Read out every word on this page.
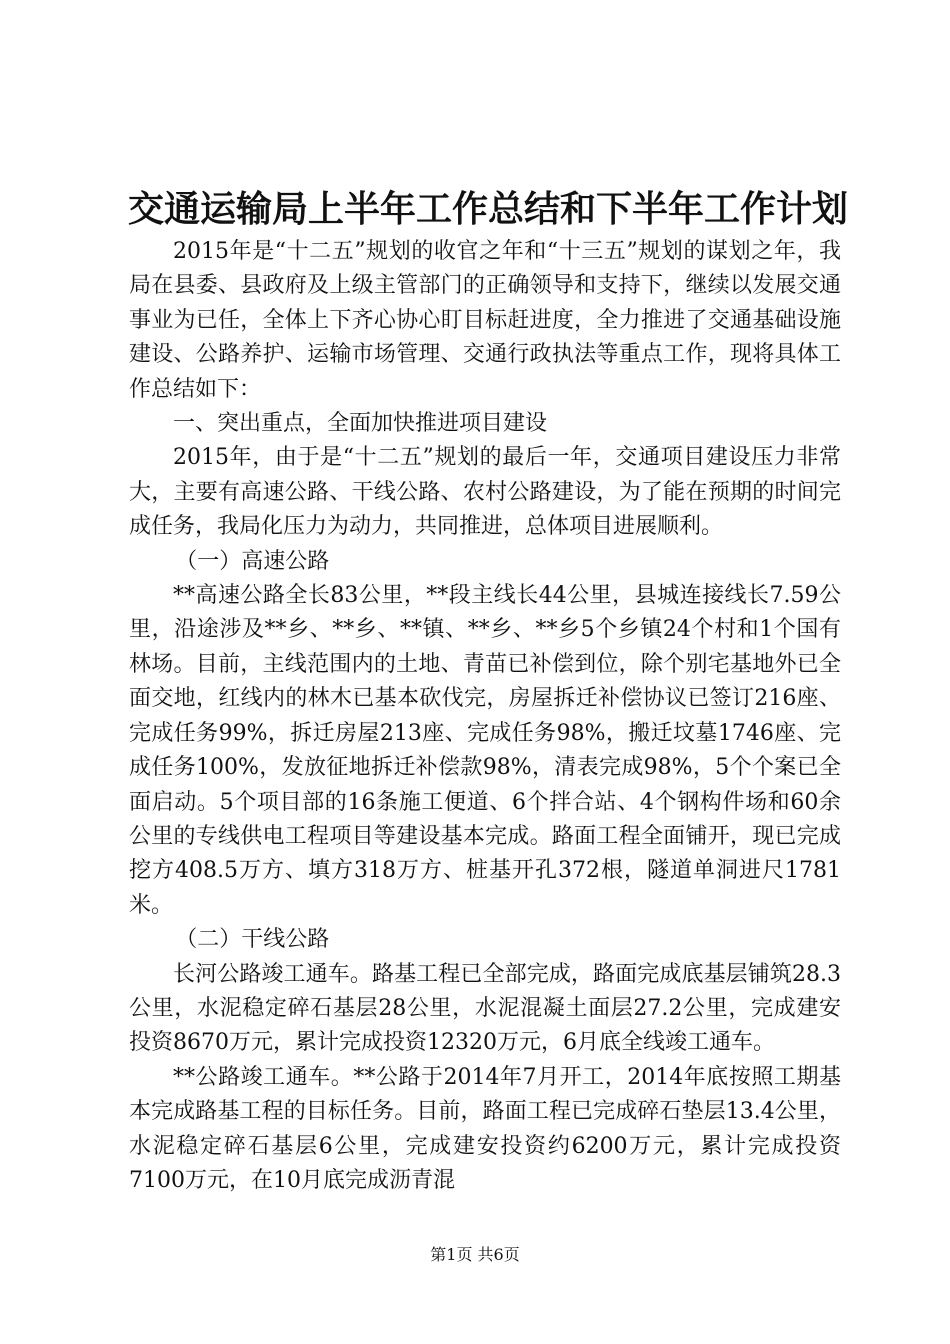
交通运输局上半年工作总结和下半年工作计划

2015年是“十二五”规划的收官之年和“十三五”规划的谋划之年，我局在县委、县政府及上级主管部门的正确领导和支持下，继续以发展交通事业为已任，全体上下齐心协心盯目标赶进度，全力推进了交通基础设施建设、公路养护、运输市场管理、交通行政执法等重点工作，现将具体工作总结如下：

一、突出重点，全面加快推进项目建设

2015年，由于是“十二五”规划的最后一年，交通项目建设压力非常大，主要有高速公路、干线公路、农村公路建设，为了能在预期的时间完成任务，我局化压力为动力，共同推进，总体项目进展顺利。

（一）高速公路

**高速公路全长83公里，**段主线长44公里，县城连接线长7.59公里，沿途涉及**乡、**乡、**镇、**乡、**乡5个乡镇24个村和1个国有林场。目前，主线范围内的土地、青苗已补偿到位，除个别宅基地外已全面交地，红线内的林木已基本砍伐完，房屋拆迁补偿协议已签订216座、完成任务99%，拆迁房屋213座、完成任务98%，搬迁坟墓1746座、完成任务100%，发放征地拆迁补偿款98%，清表完成98%，5个个案已全面启动。5个项目部的16条施工便道、6个拌合站、4个钢构件场和60余公里的专线供电工程项目等建设基本完成。路面工程全面铺开，现已完成挖方408.5万方、填方318万方、桩基开孔372根，隧道单洞进尺1781米。

（二）干线公路

长河公路竣工通车。路基工程已全部完成，路面完成底基层铺筑28.3公里，水泥稳定碎石基层28公里，水泥混凝土面层27.2公里，完成建安投资8670万元，累计完成投资12320万元，6月底全线竣工通车。

**公路竣工通车。**公路于2014年7月开工，2014年底按照工期基本完成路基工程的目标任务。目前，路面工程已完成碎石垫层13.4公里，水泥稳定碎石基层6公里，完成建安投资约6200万元，累计完成投资7100万元，在10月底完成沥青混

第1页 共6页
